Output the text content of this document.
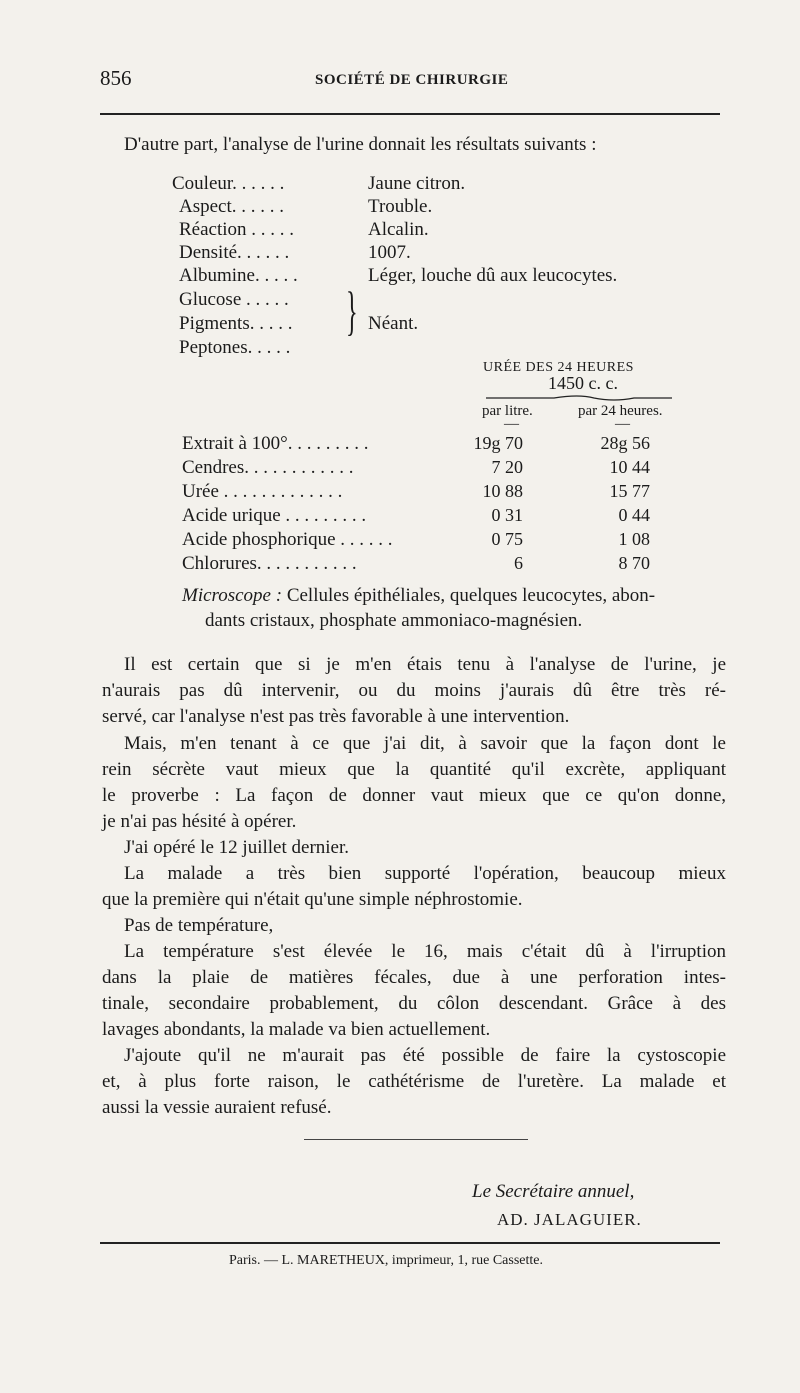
856	SOCIÉTÉ DE CHIRURGIE
D'autre part, l'analyse de l'urine donnait les résultats suivants :
Couleur. . . . . .	Jaune citron.
Aspect. . . . . .	Trouble.
Réaction . . . . .	Alcalin.
Densité. . . . . .	1007.
Albumine. . . . .	Léger, louche dû aux leucocytes.
Glucose . . . . .
Pigments. . . . .
Peptones. . . . .
} Néant.
URÉE DES 24 HEURES
1450 c. c.
par litre.	par 24 heures.
—	—
Extrait à 100°. . . . . . . . .	19g 70	28g 56
Cendres. . . . . . . . . . . .	7 20	10 44
Urée . . . . . . . . . . . . .	10 88	15 77
Acide urique . . . . . . . . .	0 31	0 44
Acide phosphorique . . . . . .	0 75	1 08
Chlorures. . . . . . . . . . .	6	8 70
Microscope : Cellules épithéliales, quelques leucocytes, abon-
dants cristaux, phosphate ammoniaco-magnésien.
Il est certain que si je m'en étais tenu à l'analyse de l'urine, je
n'aurais pas dû intervenir, ou du moins j'aurais dû être très ré-
servé, car l'analyse n'est pas très favorable à une intervention.
Mais, m'en tenant à ce que j'ai dit, à savoir que la façon dont le
rein sécrète vaut mieux que la quantité qu'il excrète, appliquant
le proverbe : La façon de donner vaut mieux que ce qu'on donne,
je n'ai pas hésité à opérer.
J'ai opéré le 12 juillet dernier.
La malade a très bien supporté l'opération, beaucoup mieux
que la première qui n'était qu'une simple néphrostomie.
Pas de température,
La température s'est élevée le 16, mais c'était dû à l'irruption
dans la plaie de matières fécales, due à une perforation intes-
tinale, secondaire probablement, du côlon descendant. Grâce à des
lavages abondants, la malade va bien actuellement.
J'ajoute qu'il ne m'aurait pas été possible de faire la cystoscopie
et, à plus forte raison, le cathétérisme de l'uretère. La malade et
aussi la vessie auraient refusé.
Le Secrétaire annuel,
AD. JALAGUIER.
Paris. — L. MARETHEUX, imprimeur, 1, rue Cassette.
